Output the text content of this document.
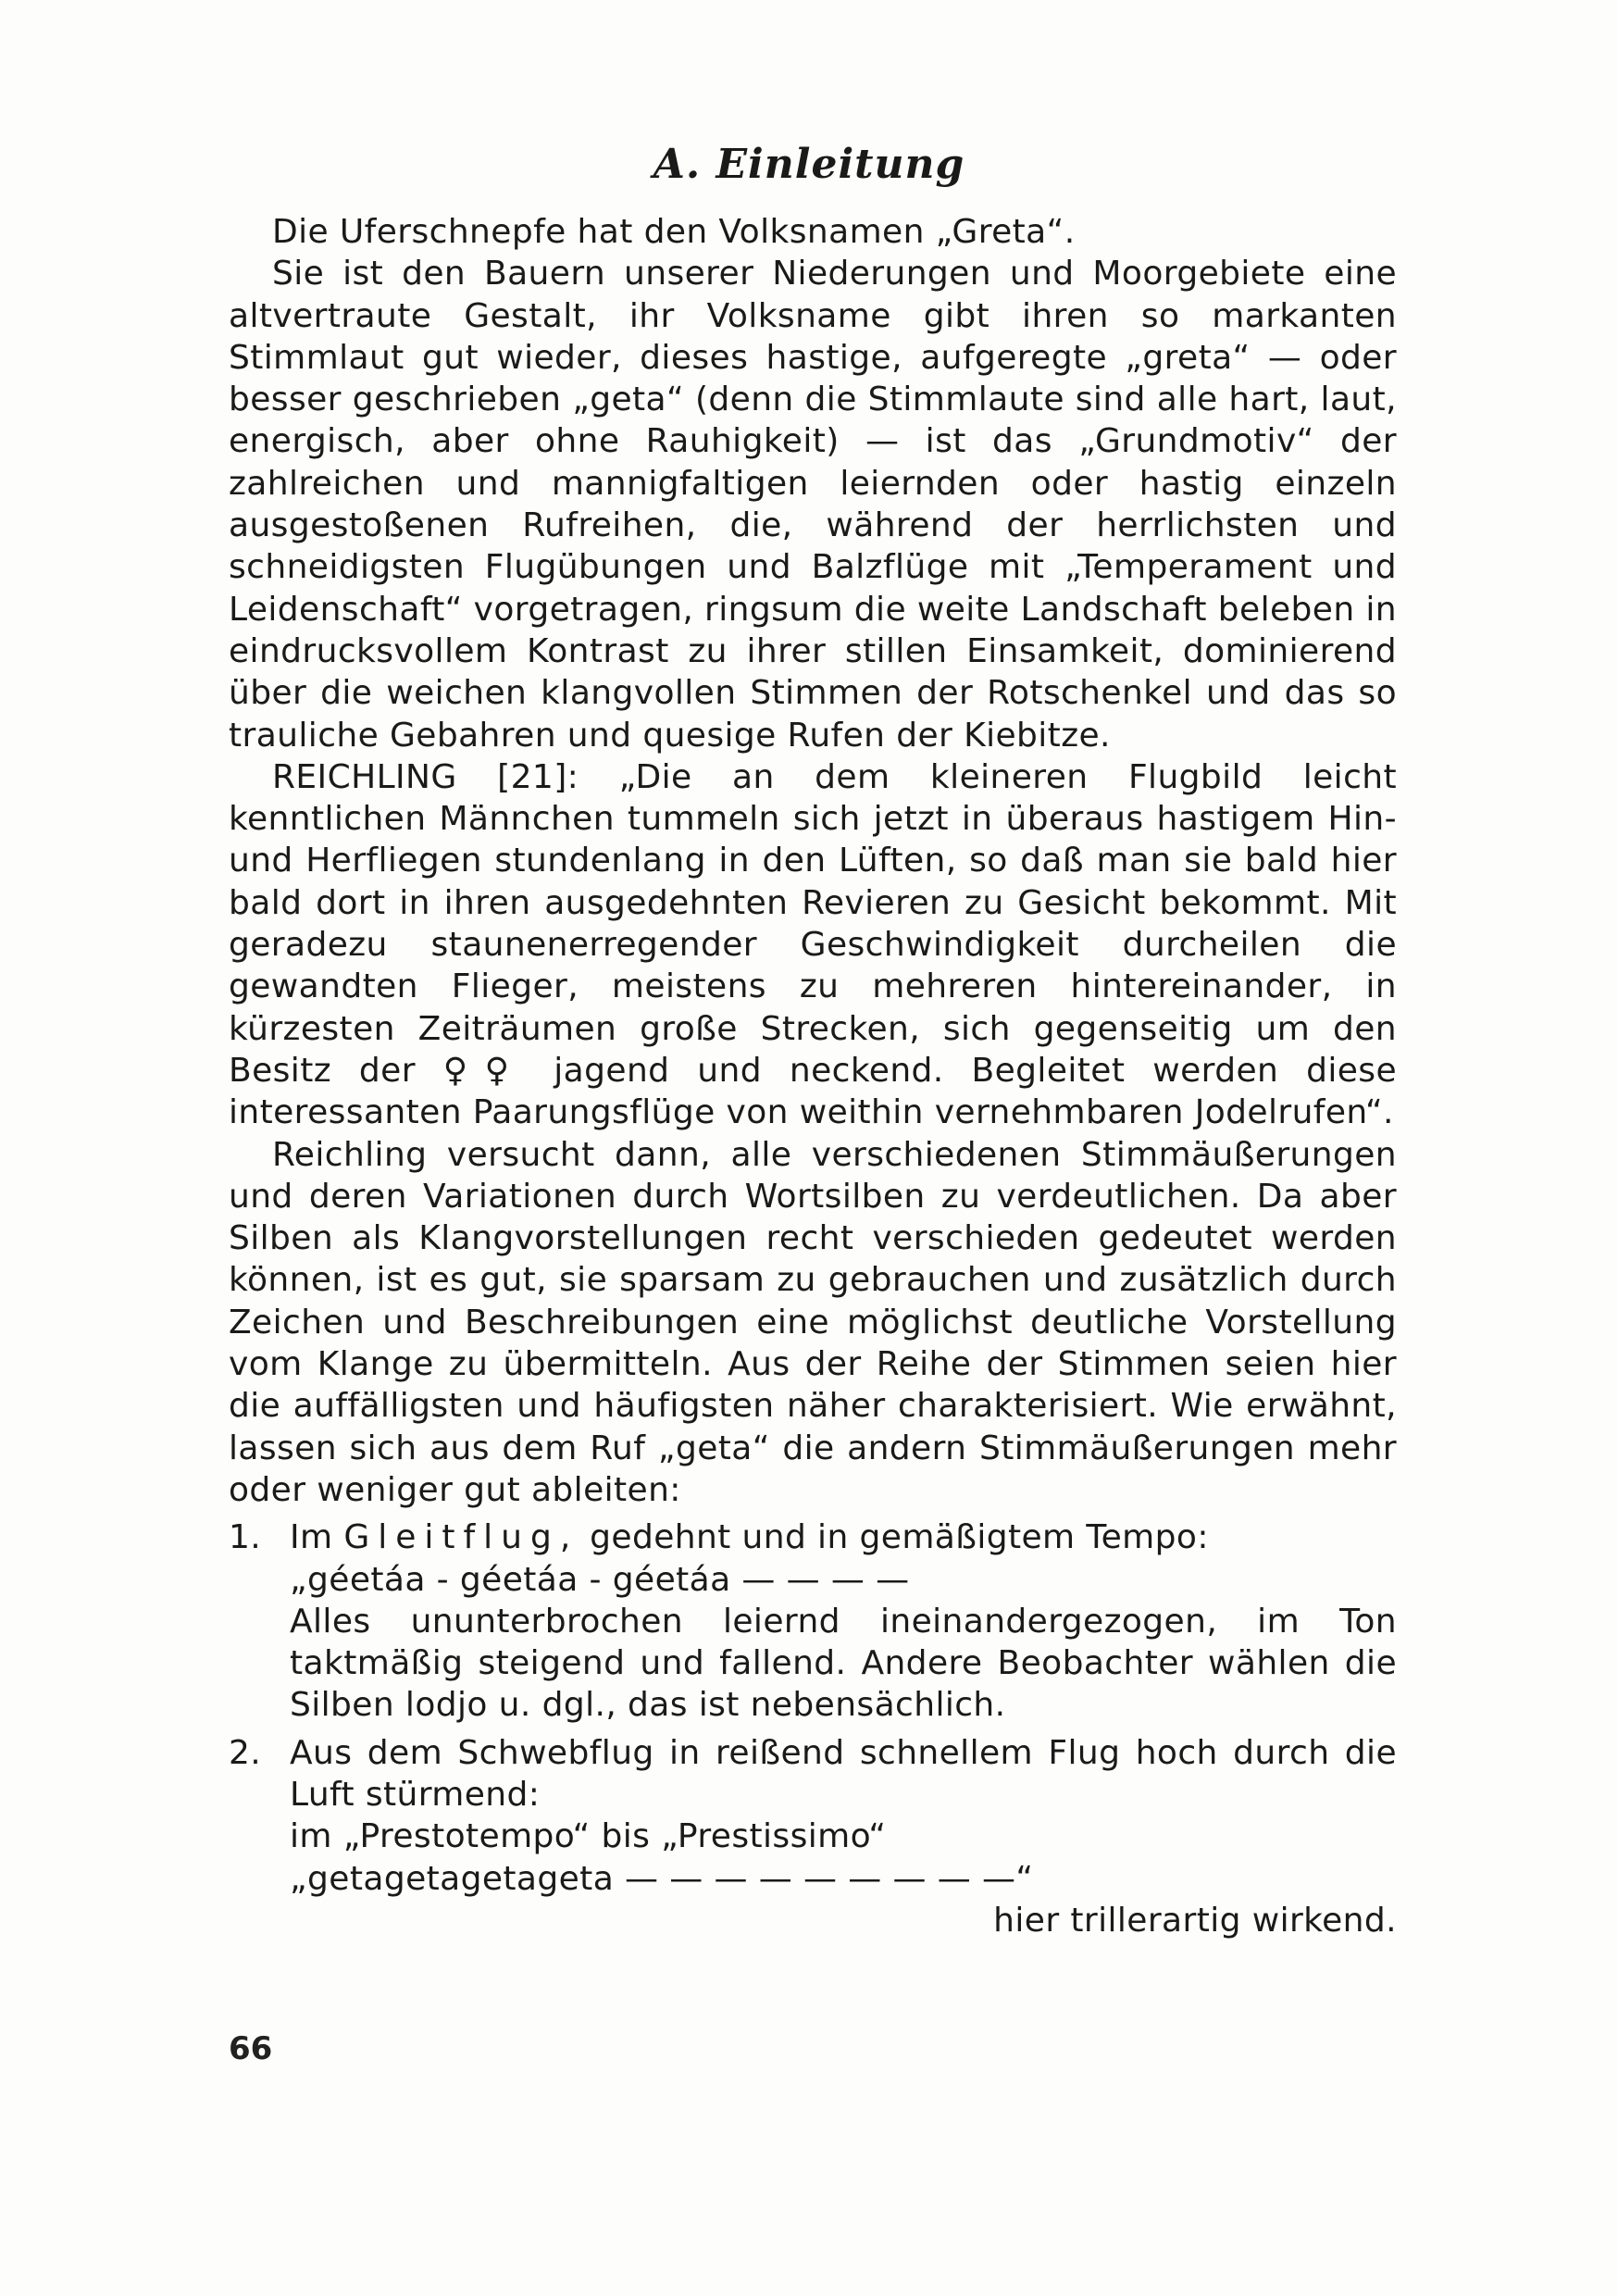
A. Einleitung

Die Uferschnepfe hat den Volksnamen „Greta“.

Sie ist den Bauern unserer Niederungen und Moorgebiete eine altvertraute Gestalt, ihr Volksname gibt ihren so markanten Stimmlaut gut wieder, dieses hastige, aufgeregte „greta“ — oder besser geschrieben „geta“ (denn die Stimmlaute sind alle hart, laut, energisch, aber ohne Rauhigkeit) — ist das „Grundmotiv“ der zahlreichen und mannigfaltigen leiernden oder hastig einzeln ausgestoßenen Rufreihen, die, während der herrlichsten und schneidigsten Flugübungen und Balzflüge mit „Temperament und Leidenschaft“ vorgetragen, ringsum die weite Landschaft beleben in eindrucksvollem Kontrast zu ihrer stillen Einsamkeit, dominierend über die weichen klangvollen Stimmen der Rotschenkel und das so trauliche Gebahren und quesige Rufen der Kiebitze.

REICHLING [21]: „Die an dem kleineren Flugbild leicht kenntlichen Männchen tummeln sich jetzt in überaus hastigem Hin- und Herfliegen stundenlang in den Lüften, so daß man sie bald hier bald dort in ihren ausgedehnten Revieren zu Gesicht bekommt. Mit geradezu staunenerregender Geschwindigkeit durcheilen die gewandten Flieger, meistens zu mehreren hintereinander, in kürzesten Zeiträumen große Strecken, sich gegenseitig um den Besitz der ♀♀ jagend und neckend. Begleitet werden diese interessanten Paarungsflüge von weithin vernehmbaren Jodelrufen“.

Reichling versucht dann, alle verschiedenen Stimmäußerungen und deren Variationen durch Wortsilben zu verdeutlichen. Da aber Silben als Klangvorstellungen recht verschieden gedeutet werden können, ist es gut, sie sparsam zu gebrauchen und zusätzlich durch Zeichen und Beschreibungen eine möglichst deutliche Vorstellung vom Klange zu übermitteln. Aus der Reihe der Stimmen seien hier die auffälligsten und häufigsten näher charakterisiert. Wie erwähnt, lassen sich aus dem Ruf „geta“ die andern Stimmäußerungen mehr oder weniger gut ableiten:

1. Im Gleitflug, gedehnt und in gemäßigtem Tempo:
„géetáa - géetáa - géetáa — — — —
Alles ununterbrochen leiernd ineinandergezogen, im Ton taktmäßig steigend und fallend. Andere Beobachter wählen die Silben lodjo u. dgl., das ist nebensächlich.
2. Aus dem Schwebflug in reißend schnellem Flug hoch durch die Luft stürmend:
im „Prestotempo“ bis „Prestissimo“
„getagetagetageta — — — — — — — — —“
hier trillerartig wirkend.
66
